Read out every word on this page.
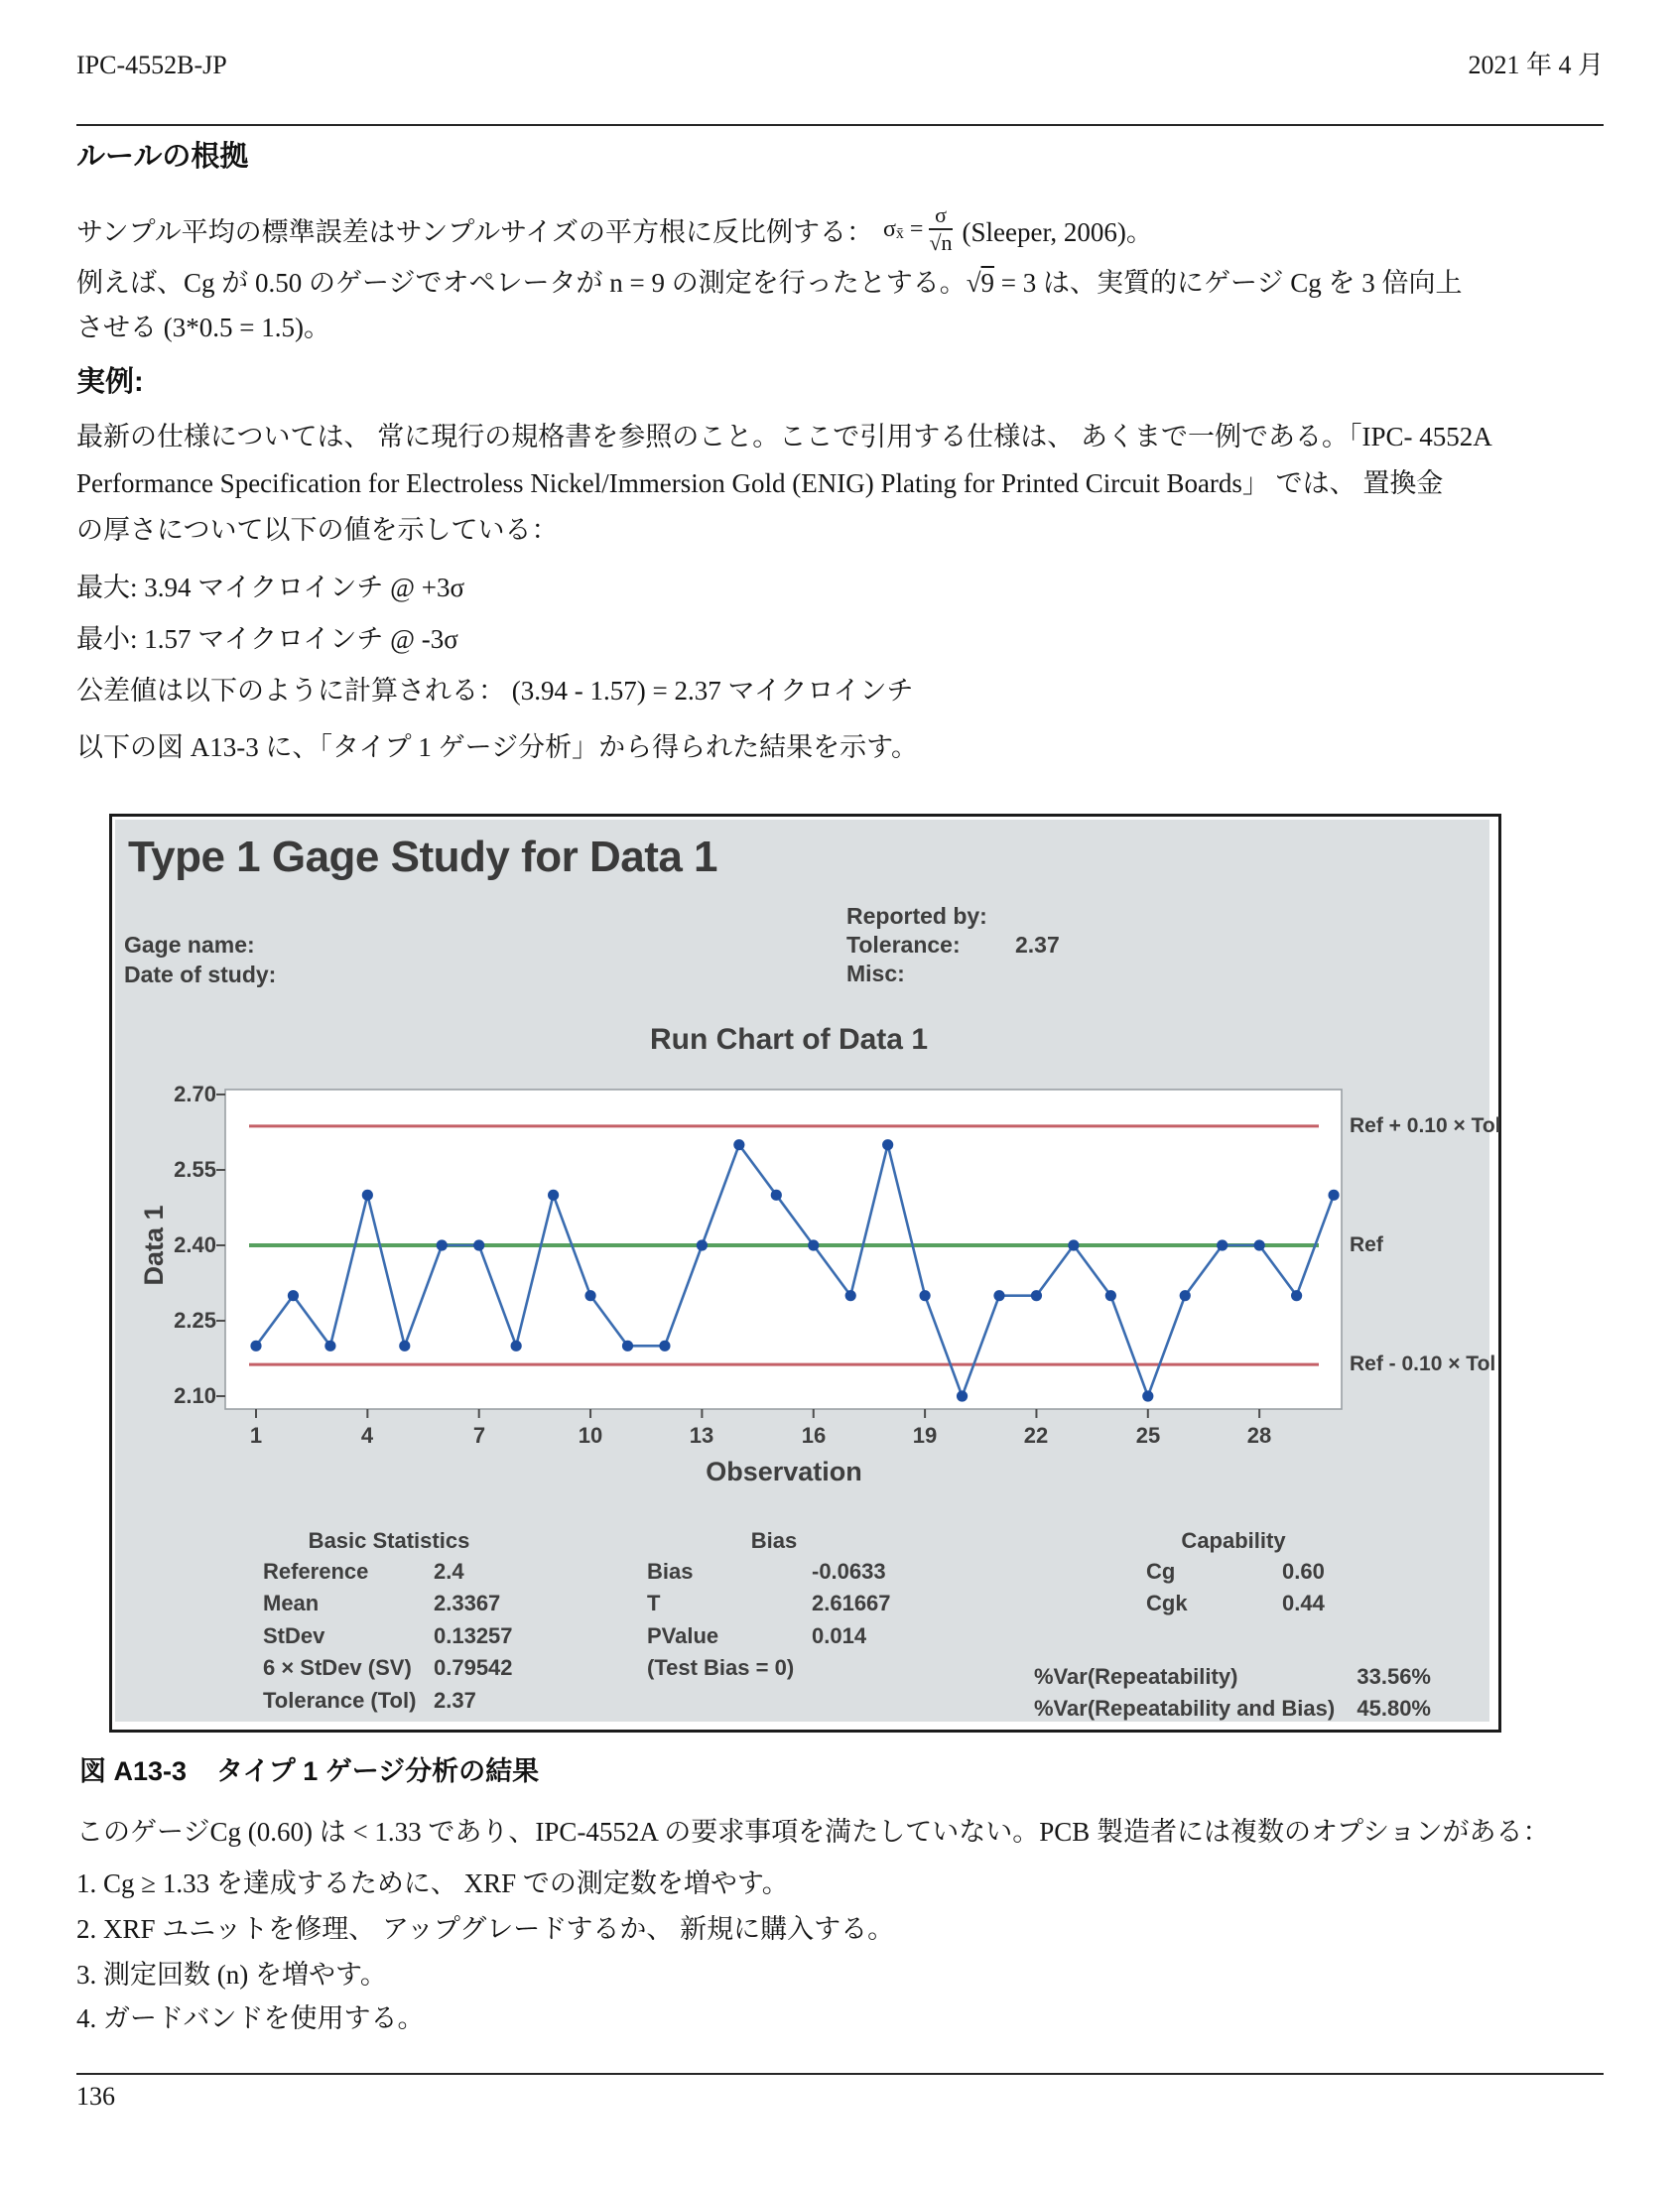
IPC-4552B-JP	2021 年 4 月
ルールの根拠
サンプル平均の標準誤差はサンプルサイズの平方根に反比例する： $\sigma_{x̄} = \frac{\sigma}{√n}$ (Sleeper, 2006)。
例えば、Cg が 0.50 のゲージでオペレータが n = 9 の測定を行ったとする。√9 = 3 は、実質的にゲージ Cg を 3 倍向上
させる (3*0.5 = 1.5)。
実例:
Type 1 Gage Study for Data 1
Run Chart of Data 1
図 A13-3 タイプ 1 ゲージ分析の結果
このゲージCg (0.60) は < 1.33 であり、IPC-4552A の要求事項を満たしていない。PCB 製造者には複数のオプションがある：
136
最新の仕様については、 常に現行の規格書を参照のこと。ここで引用する仕様は、 あくまで一例である。「IPC- 4552A
Performance Specification for Electroless Nickel/Immersion Gold (ENIG) Plating for Printed Circuit Boards」 では、 置換金
の厚さについて以下の値を示している：
最大: 3.94 マイクロインチ @ +3σ
最小: 1.57 マイクロインチ @ -3σ
公差値は以下のように計算される： (3.94 - 1.57) = 2.37 マイクロインチ
以下の図 A13-3 に、「タイプ 1 ゲージ分析」から得られた結果を示す。
1. Cg ≥ 1.33 を達成するために、 XRF での測定数を増やす。
2. XRF ユニットを修理、 アップグレードするか、 新規に購入する。
3. 測定回数 (n) を増やす。
4. ガードバンドを使用する。
Gage name:
Date of study:
Reported by:
Tolerance: 2.37
Misc:
Basic Statistics
Reference	2.4
Mean	2.3367
StDev	0.13257
6 × StDev (SV) 0.79542
Tolerance (Tol) 2.37
Bias
Bias	-0.0633
T	2.61667
PValue	0.014
(Test Bias = 0)
Capability
Cg	0.60
Cgk	0.44
%Var(Repeatability)	33.56%
%Var(Repeatability and Bias)	45.80%
2.70
2.55
2.40
2.25
2.10
1	4	7	10	13	16	19	22	25	28
Ref + 0.10 × Tol
Ref
Ref - 0.10 × Tol
Data 1
Observation
